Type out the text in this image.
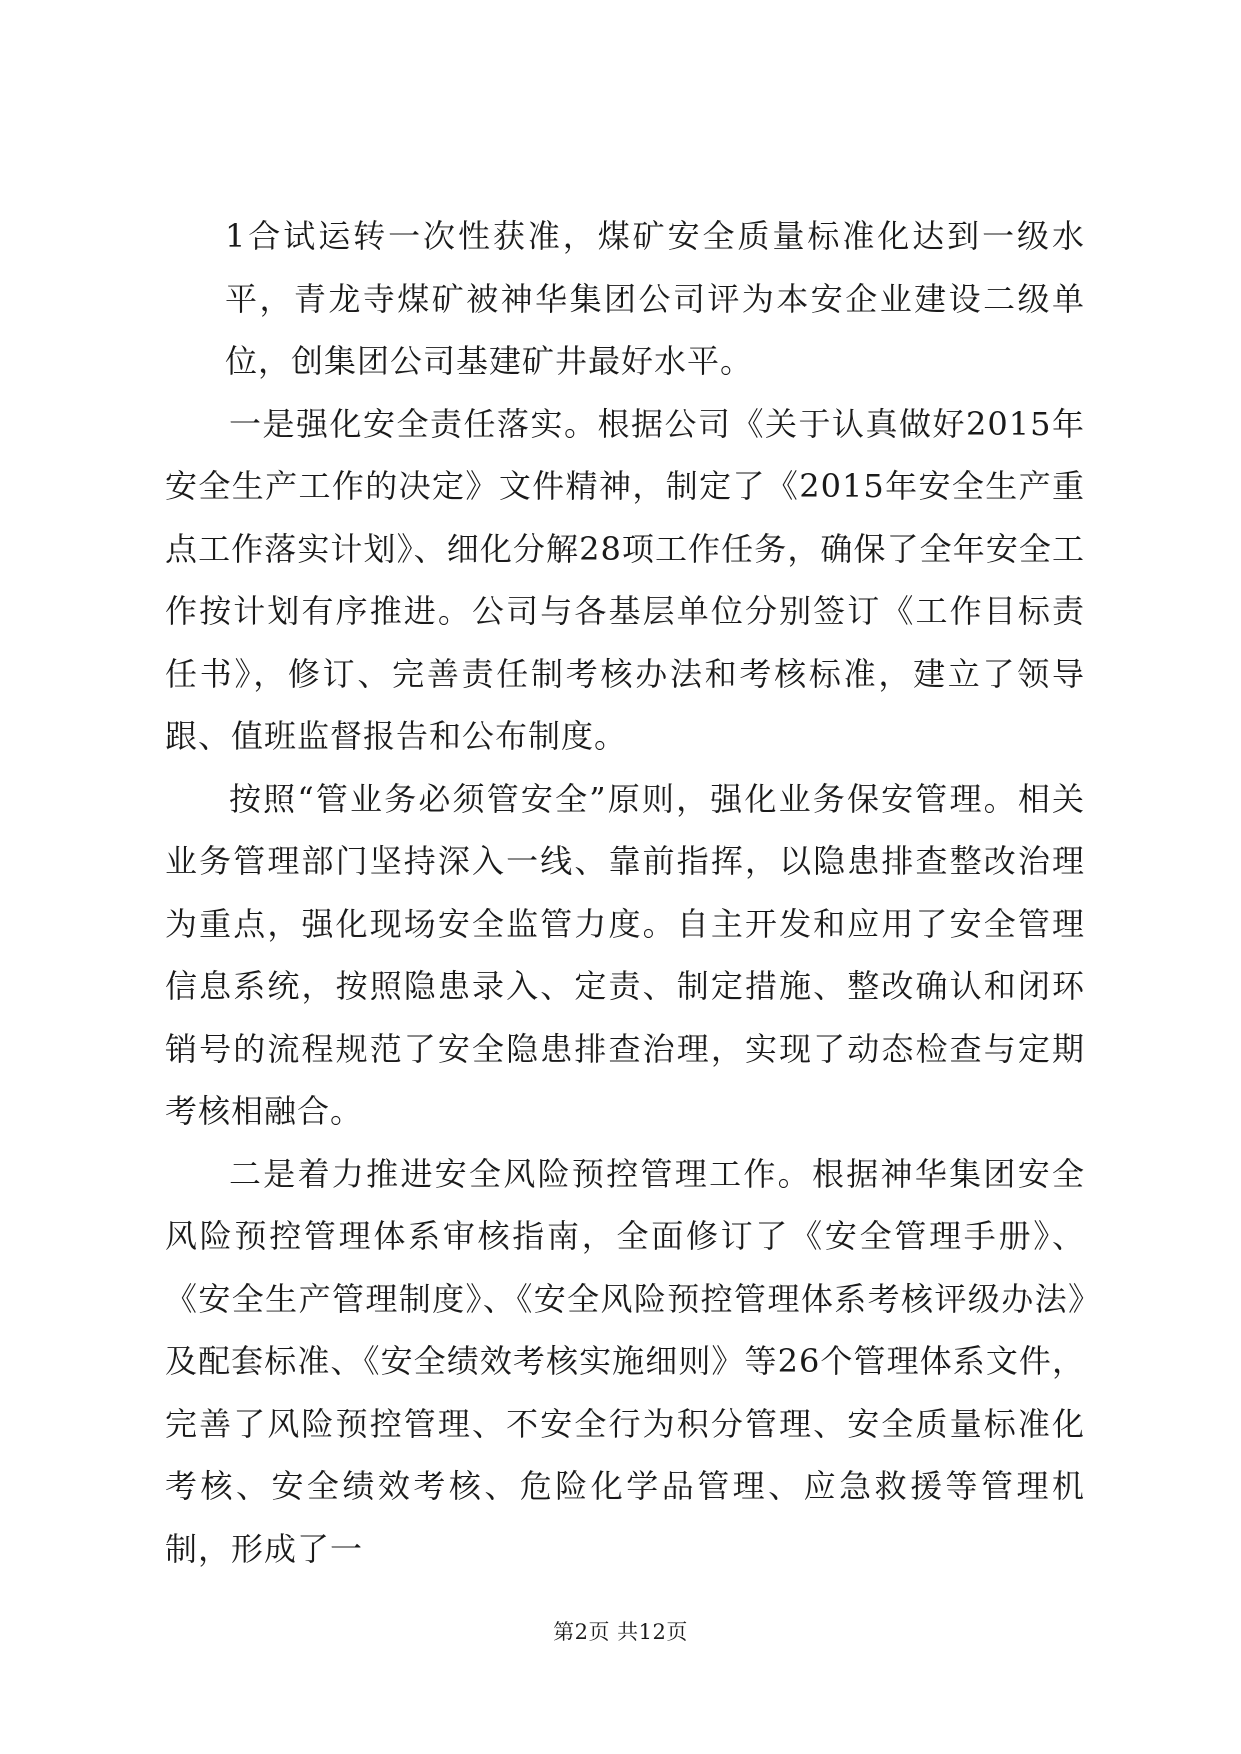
1合试运转一次性获准，煤矿安全质量标准化达到一级水平，青龙寺煤矿被神华集团公司评为本安企业建设二级单位，创集团公司基建矿井最好水平。

一是强化安全责任落实。根据公司《关于认真做好2015年安全生产工作的决定》文件精神，制定了《2015年安全生产重点工作落实计划》、细化分解28项工作任务，确保了全年安全工作按计划有序推进。公司与各基层单位分别签订《工作目标责任书》，修订、完善责任制考核办法和考核标准，建立了领导跟、值班监督报告和公布制度。

按照“管业务必须管安全”原则，强化业务保安管理。相关业务管理部门坚持深入一线、靠前指挥，以隐患排查整改治理为重点，强化现场安全监管力度。自主开发和应用了安全管理信息系统，按照隐患录入、定责、制定措施、整改确认和闭环销号的流程规范了安全隐患排查治理，实现了动态检查与定期考核相融合。

二是着力推进安全风险预控管理工作。根据神华集团安全风险预控管理体系审核指南，全面修订了《安全管理手册》、《安全生产管理制度》、《安全风险预控管理体系考核评级办法》及配套标准、《安全绩效考核实施细则》等26个管理体系文件，完善了风险预控管理、不安全行为积分管理、安全质量标准化考核、安全绩效考核、危险化学品管理、应急救援等管理机制，形成了一

第2页 共12页
